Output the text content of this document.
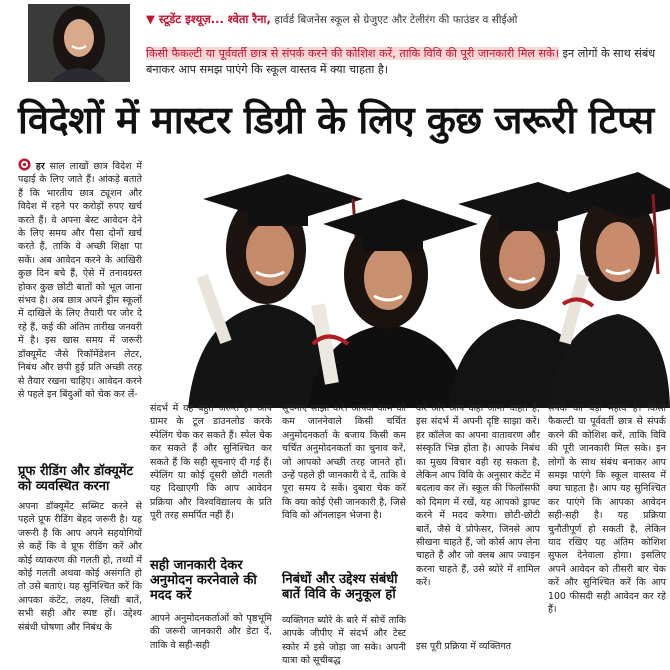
▼ स्टूडेंट इश्यूज़... श्वेता रैना, हार्वर्ड बिजनेस स्कूल से ग्रेजुएट और टेलीरंग की फाउंडर व सीईओ
किसी फैकल्टी या पूर्ववर्ती छात्र से संपर्क करने की कोशिश करें, ताकि विवि की पूरी जानकारी मिल सके। इन लोगों के साथ संबंध बनाकर आप समझ पाएंगे कि स्कूल वास्तव में क्या चाहता है।
विदेशों में मास्टर डिग्री के लिए कुछ जरूरी टिप्स
हर साल लाखों छात्र विदेश में पढ़ाई के लिए जाते हैं। आंकड़े बताते हैं कि भारतीय छात्र ट्यूशन और विदेश में रहने पर करोड़ों रुपए खर्च करते हैं। वे अपना बेस्ट आवेदन देने के लिए समय और पैसा दोनों खर्च करते हैं, ताकि वे अच्छी शिक्षा पा सकें। अब आवेदन करने के आखिरी कुछ दिन बचे हैं, ऐसे में तनावग्रस्त होकर कुछ छोटी बातों को भूल जाना संभव है। अब छात्र अपने ड्रीम स्कूलों में दाखिले के लिए तैयारी पर जोर दे रहे हैं, कई की अंतिम तारीख जनवरी में है। इस खास समय में जरूरी डॉक्यूमेंट जैसे रिकॉमेंडेशन लेटर, निबंध और छपी हुई प्रति अच्छी तरह से तैयार रखना चाहिए। आवेदन करने से पहले इन बिंदुओं को चेक कर लें-
प्रूफ रीडिंग और डॉक्यूमेंट को व्यवस्थित करना
अपना डॉक्यूमेंट सब्मिट करने से पहले प्रूफ रीडिंग बेहद जरूरी है। यह जरूरी है कि आप अपने सहयोगियों से कहें कि वे प्रूफ रीडिंग करें और कोई व्याकरण की गलती हो, तथ्यों में कोई गलती अथवा कोई असंगति हो तो उसे बताएं। यह सुनिश्चित करें कि आपका कंटेंट, लक्ष्य, लिखी बातें, सभी सही और स्पष्ट हों। उद्देश्य संबंधी घोषणा और निबंध के
संदर्भ में यह बहुत जरूरी है। आप ग्रामर के टूल डाउनलोड करके स्पेलिंग चेक कर सकते हैं। स्पेल चेक कर सकते हैं और सुनिश्चित कर सकते हैं कि सही सूचनाएं दी गई हैं। स्पेलिंग या कोई दूसरी छोटी गलती यह दिखाएगी कि आप आवेदन प्रक्रिया और विश्वविद्यालय के प्रति पूरी तरह समर्पित नहीं हैं।
सही जानकारी देकर अनुमोदन करनेवाले की मदद करें
आपने अनुमोदनकर्ताओं को पृष्ठभूमि की जरूरी जानकारी और डेटा दें, ताकि वे सही-सही
सूचनाएं साझा करें। आपके काम को कम जाननेवाले किसी चर्चित अनुमोदनकर्ता के बजाय किसी कम चर्चित अनुमोदनकर्ता का चुनाव करें, जो आपको अच्छी तरह जानते हों। उन्हें पहले ही जानकारी दे दें, ताकि वे पूरा समय दे सकें। दुबारा चेक करें कि क्या कोई ऐसी जानकारी है, जिसे विवि को ऑनलाइन भेजना है।
निबंधों और उद्देश्य संबंधी बातें विवि के अनुकूल हों
व्यक्तिगत ब्योरे के बारे में सोचें ताकि आपके जीपीए में संदर्भ और टेस्ट स्कोर में इसे जोड़ा जा सके। अपनी यात्रा को सूचीबद्ध
करें और आप कहां जाना चाहते हैं, इस संदर्भ में अपनी दृष्टि साझा करें। हर कॉलेज का अपना वातावरण और संस्कृति भिन्न होता है। आपके निबंध का मुख्य विचार वही रह सकता है, लेकिन आप विवि के अनुसार कंटेंट में बदलाव कर लें। स्कूल की फिलॉसफी को दिमाग में रखें, यह आपको ड्राफ्ट करने में मदद करेगा। छोटी-छोटी बातें, जैसे वे प्रोफेसर, जिनसे आप सीखना चाहते हैं, जो कोर्स आप लेना चाहते हैं और जो क्लब आप ज्वाइन करना चाहते हैं, उसे ब्योरे में शामिल करें।
इस पूरी प्रक्रिया में व्यक्तिगत
संपर्क का बड़ा महत्व है। किसी फैकल्टी या पूर्ववर्ती छात्र से संपर्क करने की कोशिश करें, ताकि विवि की पूरी जानकारी मिल सके। इन लोगों के साथ संबंध बनाकर आप समझ पाएंगे कि स्कूल वास्तव में क्या चाहता है। आप यह सुनिश्चित कर पाएंगे कि आपका आवेदन सही-सही है। यह प्रक्रिया चुनौतीपूर्ण हो सकती है, लेकिन याद रखिए यह अंतिम कोशिश सुफल देनेवाला होगा। इसलिए अपने आवेदन को तीसरी बार चेक करें और सुनिश्चित करें कि आप 100 फीसदी सही आवेदन कर रहे हैं।
